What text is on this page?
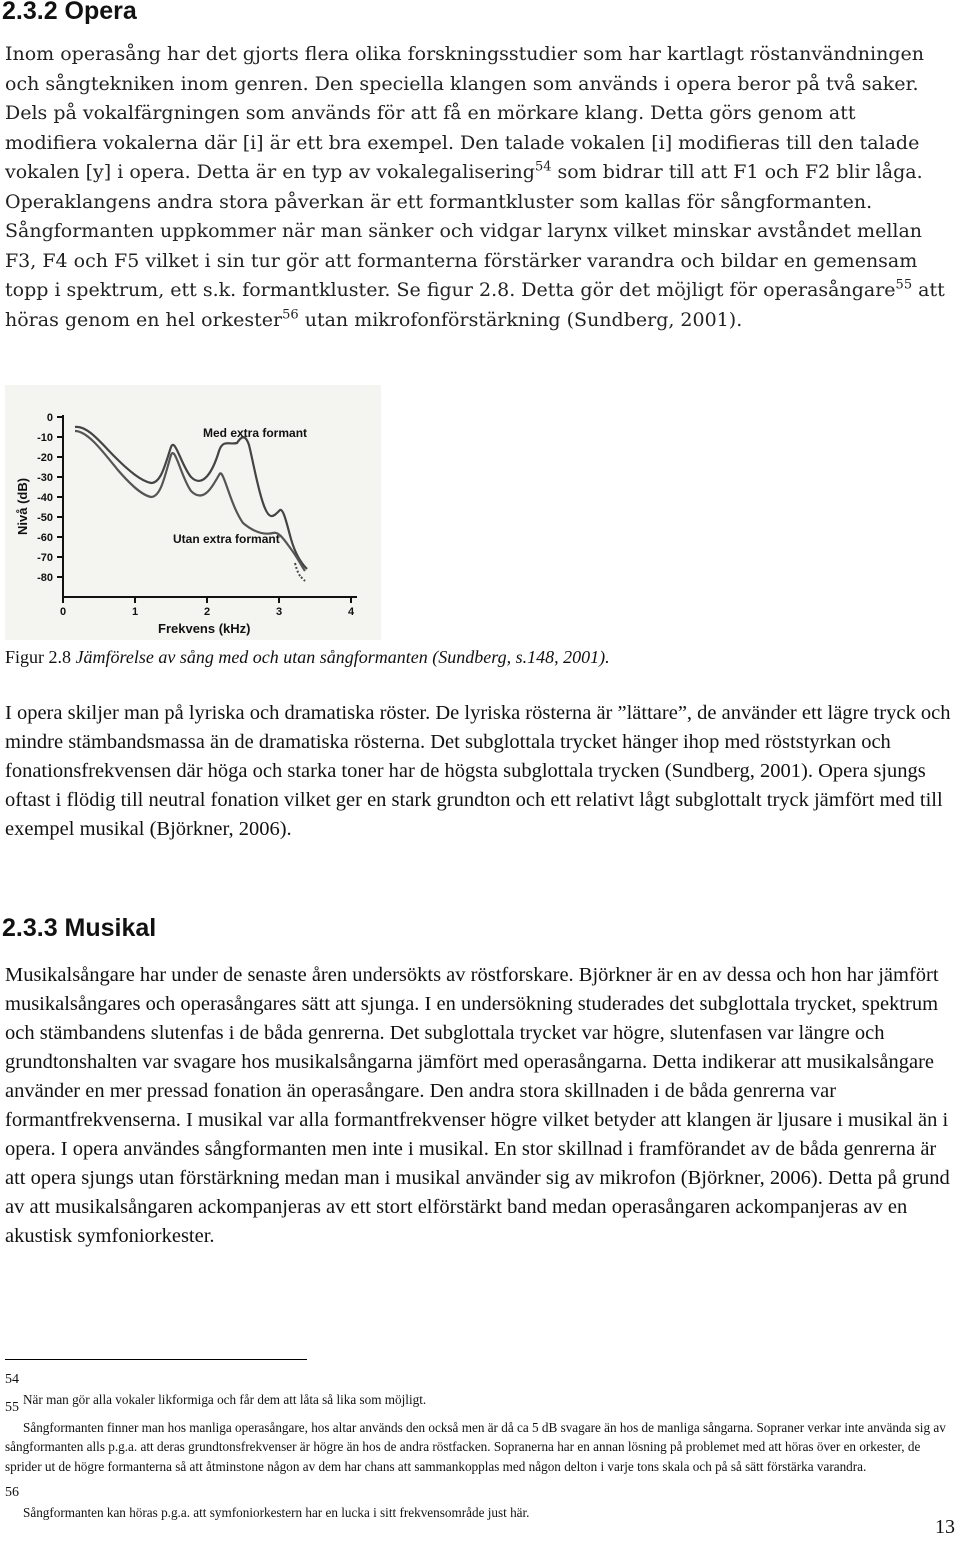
2.3.2 Opera

Inom operasång har det gjorts flera olika forskningsstudier som har kartlagt röstanvändningen och sångtekniken inom genren. Den speciella klangen som används i opera beror på två saker. Dels på vokalfärgningen som används för att få en mörkare klang. Detta görs genom att modifiera vokalerna där [i] är ett bra exempel. Den talade vokalen [i] modifieras till den talade vokalen [y] i opera. Detta är en typ av vokalegalisering$^{54}$ som bidrar till att F1 och F2 blir låga. Operaklangens andra stora påverkan är ett formantkluster som kallas för sångformanten. Sångformanten uppkommer när man sänker och vidgar larynx vilket minskar avståndet mellan F3, F4 och F5 vilket i sin tur gör att formanterna förstärker varandra och bildar en gemensam topp i spektrum, ett s.k. formantkluster. Se figur 2.8. Detta gör det möjligt för operasångare$^{55}$ att höras genom en hel orkester$^{56}$ utan mikrofonförstärkning (Sundberg, 2001).

0
-10
-20
-30
-40
-50
-60
-70
-80
0	1	2	3	4
Nivå (dB)
Frekvens (kHz)
Med extra formant
Utan extra formant
Figur 2.8 Jämförelse av sång med och utan sångformanten (Sundberg, s.148, 2001).

I opera skiljer man på lyriska och dramatiska röster. De lyriska rösterna är ”lättare”, de använder ett lägre tryck och mindre stämbandsmassa än de dramatiska rösterna. Det subglottala trycket hänger ihop med röststyrkan och fonationsfrekvensen där höga och starka toner har de högsta subglottala trycken (Sundberg, 2001). Opera sjungs oftast i flödig till neutral fonation vilket ger en stark grundton och ett relativt lågt subglottalt tryck jämfört med till exempel musikal (Björkner, 2006).

2.3.3 Musikal

Musikalsångare har under de senaste åren undersökts av röstforskare. Björkner är en av dessa och hon har jämfört musikalsångares och operasångares sätt att sjunga. I en undersökning studerades det subglottala trycket, spektrum och stämbandens slutenfas i de båda genrerna. Det subglottala trycket var högre, slutenfasen var längre och grundtonshalten var svagare hos musikalsångarna jämfört med operasångarna. Detta indikerar att musikalsångare använder en mer pressad fonation än operasångare. Den andra stora skillnaden i de båda genrerna var formantfrekvenserna. I musikal var alla formantfrekvenser högre vilket betyder att klangen är ljusare i musikal än i opera. I opera användes sångformanten men inte i musikal. En stor skillnad i framförandet av de båda genrerna är att opera sjungs utan förstärkning medan man i musikal använder sig av mikrofon (Björkner, 2006). Detta på grund av att musikalsångaren ackompanjeras av ett stort elförstärkt band medan operasångaren ackompanjeras av en akustisk symfoniorkester.

54
När man gör alla vokaler likformiga och får dem att låta så lika som möjligt.

55
Sångformanten finner man hos manliga operasångare, hos altar används den också men är då ca 5 dB svagare än hos de manliga sångarna. Sopraner verkar inte använda sig av sångformanten alls p.g.a. att deras grundtonsfrekvenser är högre än hos de andra röstfacken. Sopranerna har en annan lösning på problemet med att höras över en orkester, de sprider ut de högre formanterna så att åtminstone någon av dem har chans att sammankopplas med någon delton i varje tons skala och på så sätt förstärka varandra.

56
Sångformanten kan höras p.g.a. att symfoniorkestern har en lucka i sitt frekvensområde just här.

13
